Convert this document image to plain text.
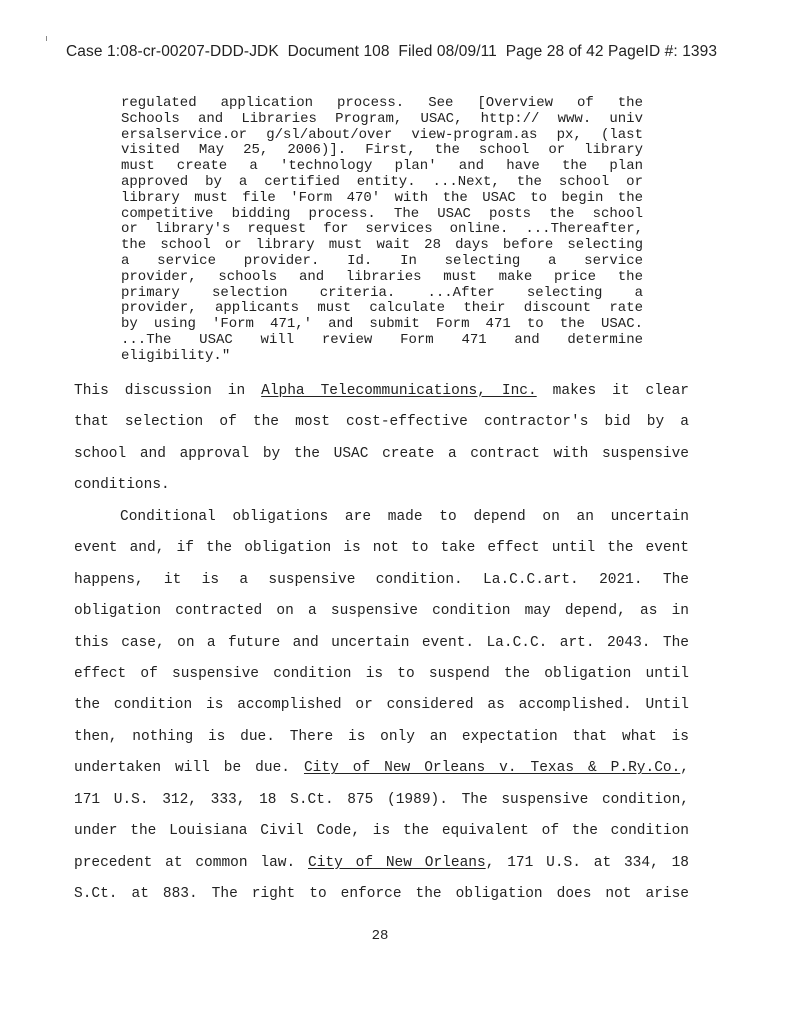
Case 1:08-cr-00207-DDD-JDK  Document 108  Filed 08/09/11  Page 28 of 42 PageID #: 1393
regulated application process. See [Overview of the
Schools and Libraries Program, USAC, http:// www. univ
ersalservice.or g/sl/about/over view-program.as px, (last
visited May 25, 2006)]. First, the school or library
must create a 'technology plan' and have the plan
approved by a certified entity. ...Next, the school or
library must file 'Form 470' with the USAC to begin the
competitive bidding process. The USAC posts the school
or library's request for services online. ...Thereafter,
the school or library must wait 28 days before selecting
a service provider. Id. In selecting a service
provider, schools and libraries must make price the
primary selection criteria. ...After selecting a
provider, applicants must calculate their discount rate
by using 'Form 471,' and submit Form 471 to the USAC.
...The USAC will review Form 471 and determine
eligibility."
This discussion in Alpha Telecommunications, Inc. makes it clear
that selection of the most cost-effective contractor's bid by a
school and approval by the USAC create a contract with suspensive
conditions.
Conditional obligations are made to depend on an uncertain
event and, if the obligation is not to take effect until the event
happens, it is a suspensive condition. La.C.C.art. 2021. The
obligation contracted on a suspensive condition may depend, as in
this case, on a future and uncertain event. La.C.C. art. 2043. The
effect of suspensive condition is to suspend the obligation until
the condition is accomplished or considered as accomplished. Until
then, nothing is due. There is only an expectation that what is
undertaken will be due. City of New Orleans v. Texas & P.Ry.Co.,
171 U.S. 312, 333, 18 S.Ct. 875 (1989). The suspensive condition,
under the Louisiana Civil Code, is the equivalent of the condition
precedent at common law. City of New Orleans, 171 U.S. at 334, 18
S.Ct. at 883. The right to enforce the obligation does not arise
28
